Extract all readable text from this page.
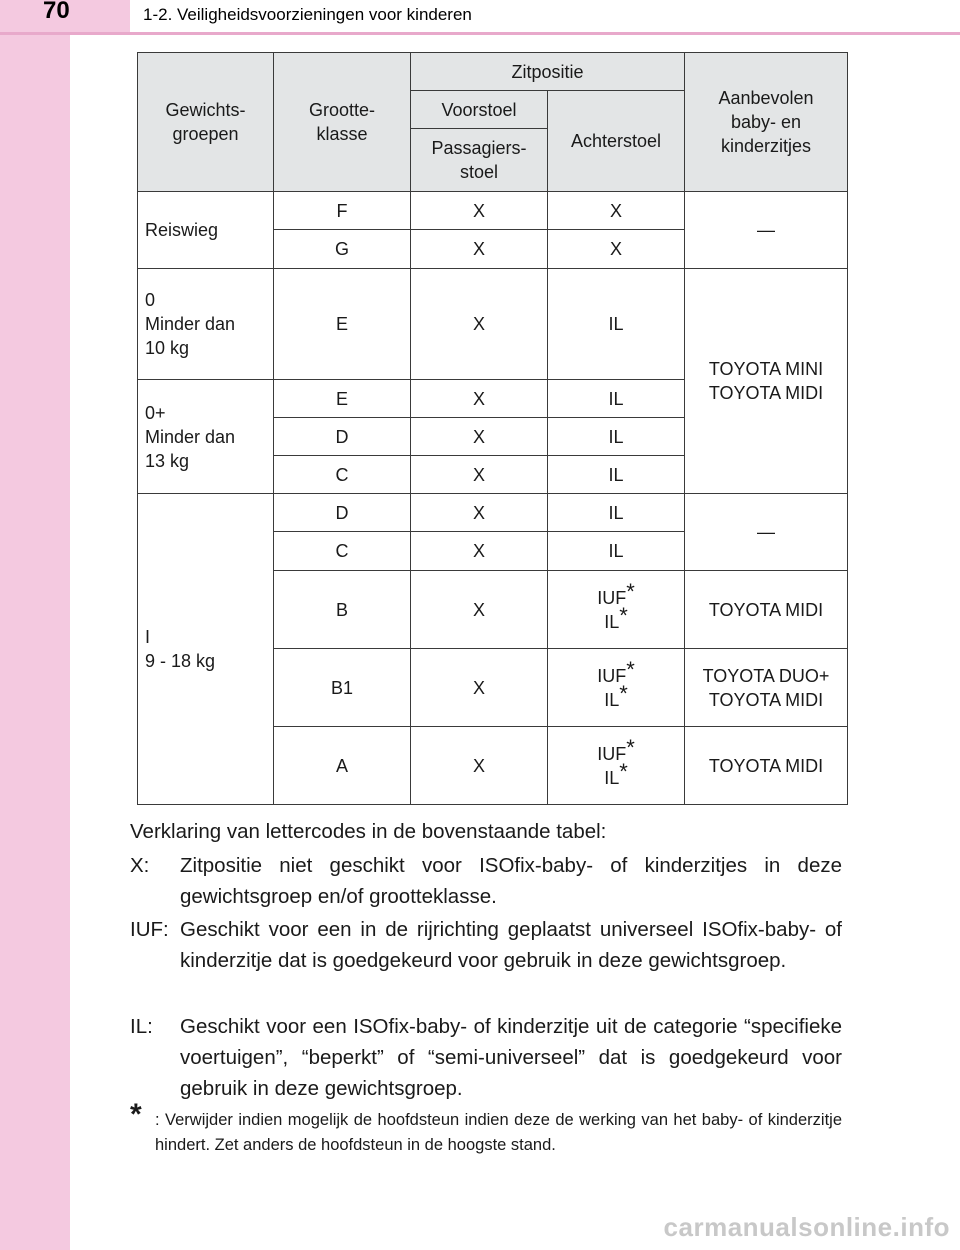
70	1-2. Veiligheidsvoorzieningen voor kinderen
Gewichts-
groepen	Grootte-
klasse	Zitpositie		Aanbevolen
baby- en
kinderzitjes
		Voorstoel	Achterstoel	
		Passagiers-
stoel		
Reiswieg	F	X	X	—
	G	X	X	
0
Minder dan
10 kg	E	X	IL	TOYOTA MINI
TOYOTA MIDI
0+
Minder dan
13 kg	E	X	IL	
	D	X	IL	
	C	X	IL	
I
9 - 18 kg	D	X	IL	—
	C	X	IL	
	B	X	IUF*
IL*	TOYOTA MIDI
	B1	X	IUF*
IL*	TOYOTA DUO+
TOYOTA MIDI
	A	X	IUF*
IL*	TOYOTA MIDI
Verklaring van lettercodes in de bovenstaande tabel:
X: Zitpositie niet geschikt voor ISOfix-baby- of kinderzitjes in deze gewichtsgroep en/of grootteklasse.
IUF: Geschikt voor een in de rijrichting geplaatst universeel ISOfix-baby- of kinderzitje dat is goedgekeurd voor gebruik in deze gewichtsgroep.
IL: Geschikt voor een ISOfix-baby- of kinderzitje uit de categorie “specifieke voertuigen”, “beperkt” of “semi-universeel” dat is goedgekeurd voor gebruik in deze gewichtsgroep.
* : Verwijder indien mogelijk de hoofdsteun indien deze de werking van het baby- of kinderzitje hindert. Zet anders de hoofdsteun in de hoogste stand.
carmanualsonline.info
